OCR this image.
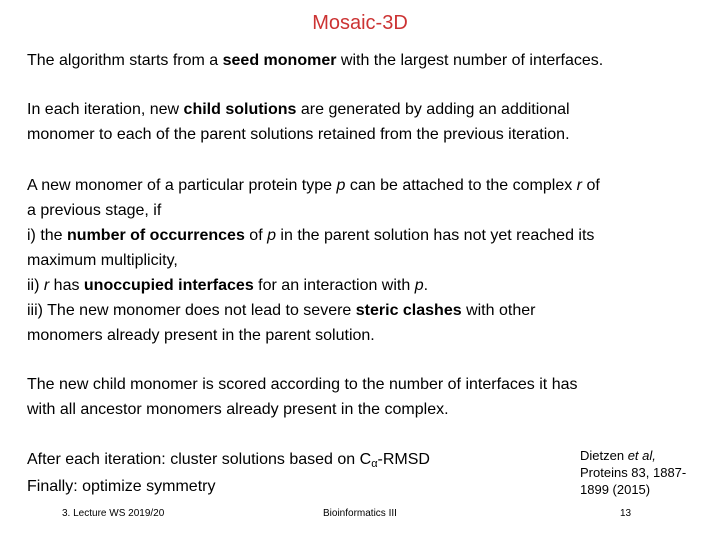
Mosaic-3D

The algorithm starts from a seed monomer with the largest number of interfaces.

In each iteration, new child solutions are generated by adding an additional
monomer to each of the parent solutions retained from the previous iteration.

A new monomer of a particular protein type p can be attached to the complex r of
a previous stage, if
i) the number of occurrences of p in the parent solution has not yet reached its
maximum multiplicity,
ii) r has unoccupied interfaces for an interaction with p.
iii) The new monomer does not lead to severe steric clashes with other
monomers already present in the parent solution.

The new child monomer is scored according to the number of interfaces it has
with all ancestor monomers already present in the complex.

After each iteration: cluster solutions based on Cα-RMSD
Finally: optimize symmetry

Dietzen et al,
Proteins 83, 1887-
1899 (2015)
3. Lecture WS 2019/20	Bioinformatics III	13
